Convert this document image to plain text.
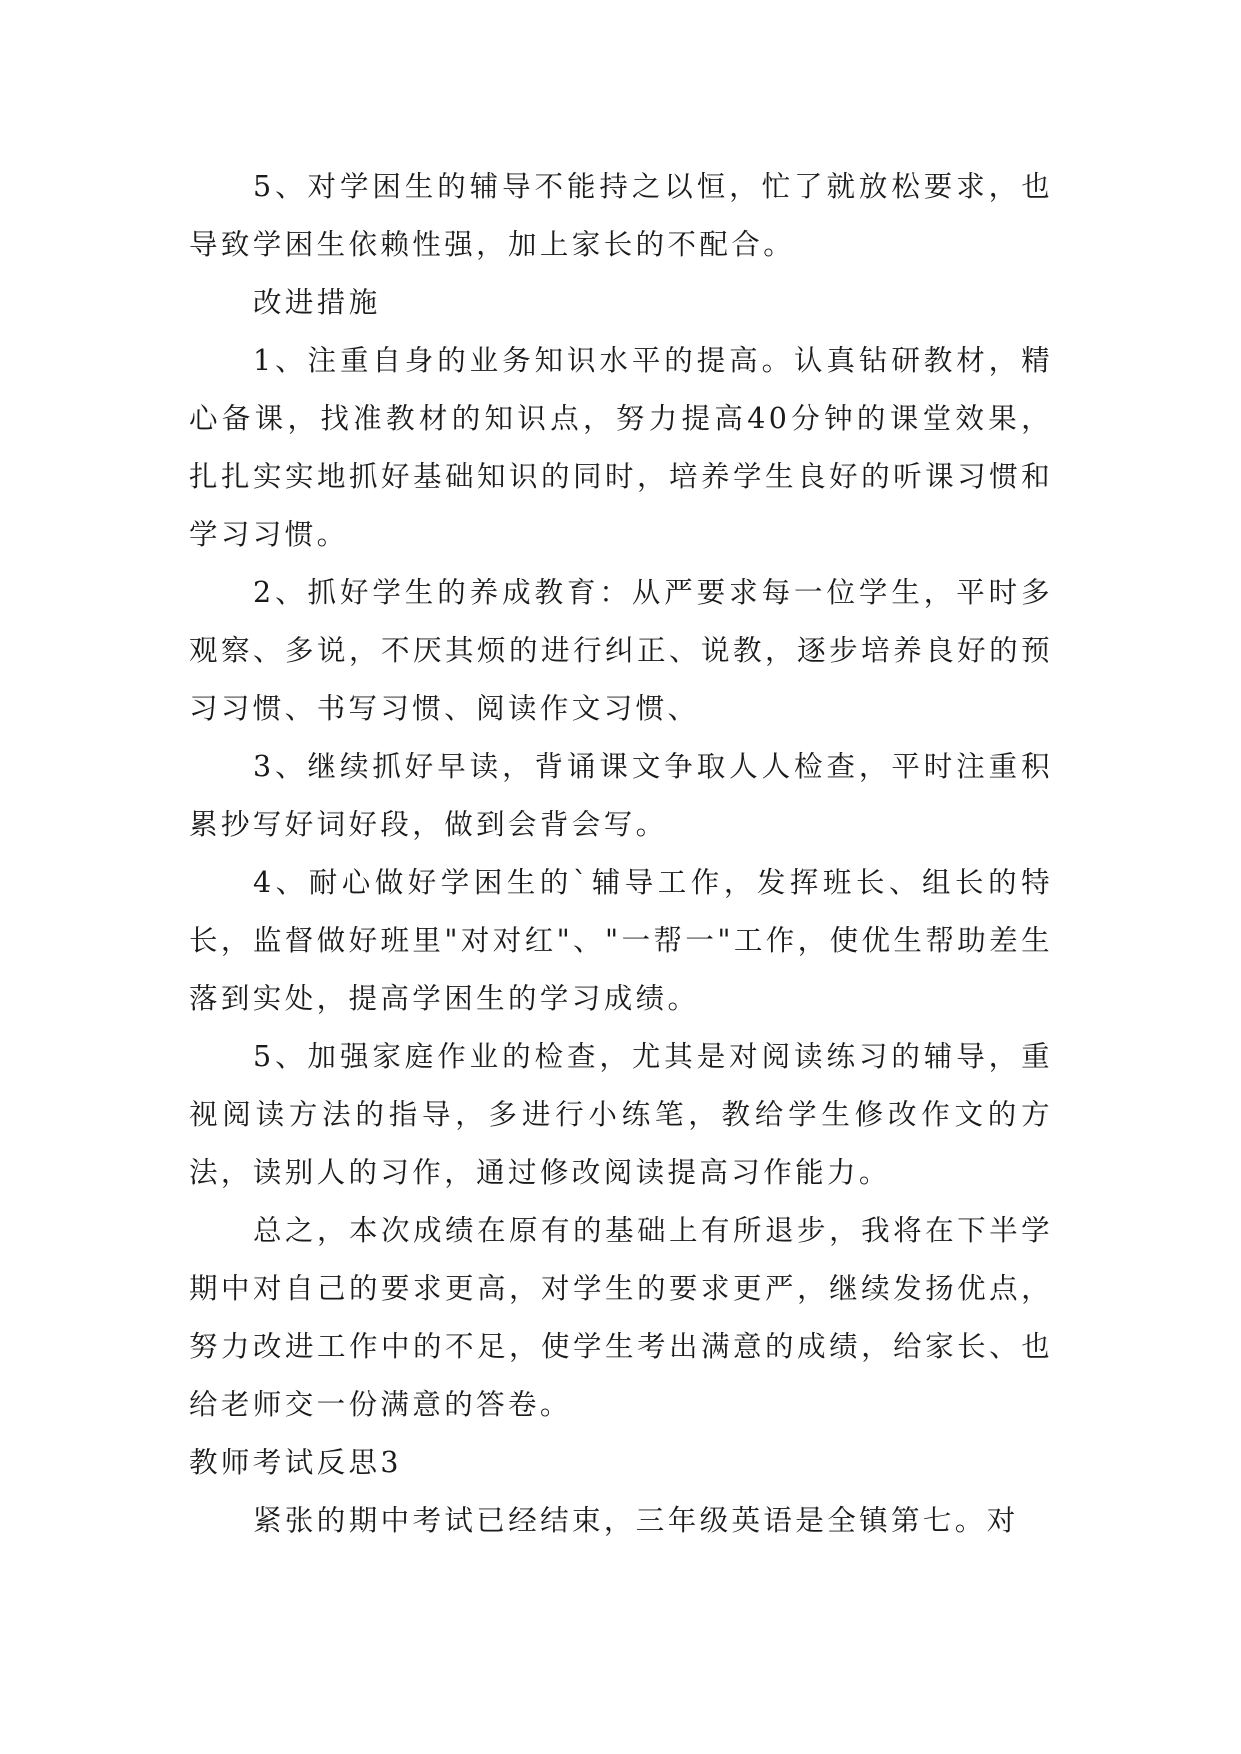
5、对学困生的辅导不能持之以恒，忙了就放松要求，也导致学困生依赖性强，加上家长的不配合。

改进措施

1、注重自身的业务知识水平的提高。认真钻研教材，精心备课，找准教材的知识点，努力提高40分钟的课堂效果，扎扎实实地抓好基础知识的同时，培养学生良好的听课习惯和学习习惯。

2、抓好学生的养成教育：从严要求每一位学生，平时多观察、多说，不厌其烦的进行纠正、说教，逐步培养良好的预习习惯、书写习惯、阅读作文习惯、

3、继续抓好早读，背诵课文争取人人检查，平时注重积累抄写好词好段，做到会背会写。

4、耐心做好学困生的`辅导工作，发挥班长、组长的特长，监督做好班里"对对红"、"一帮一"工作，使优生帮助差生落到实处，提高学困生的学习成绩。

5、加强家庭作业的检查，尤其是对阅读练习的辅导，重视阅读方法的指导，多进行小练笔，教给学生修改作文的方法，读别人的习作，通过修改阅读提高习作能力。

总之，本次成绩在原有的基础上有所退步，我将在下半学期中对自己的要求更高，对学生的要求更严，继续发扬优点，努力改进工作中的不足，使学生考出满意的成绩，给家长、也给老师交一份满意的答卷。

教师考试反思3

紧张的期中考试已经结束，三年级英语是全镇第七。对
